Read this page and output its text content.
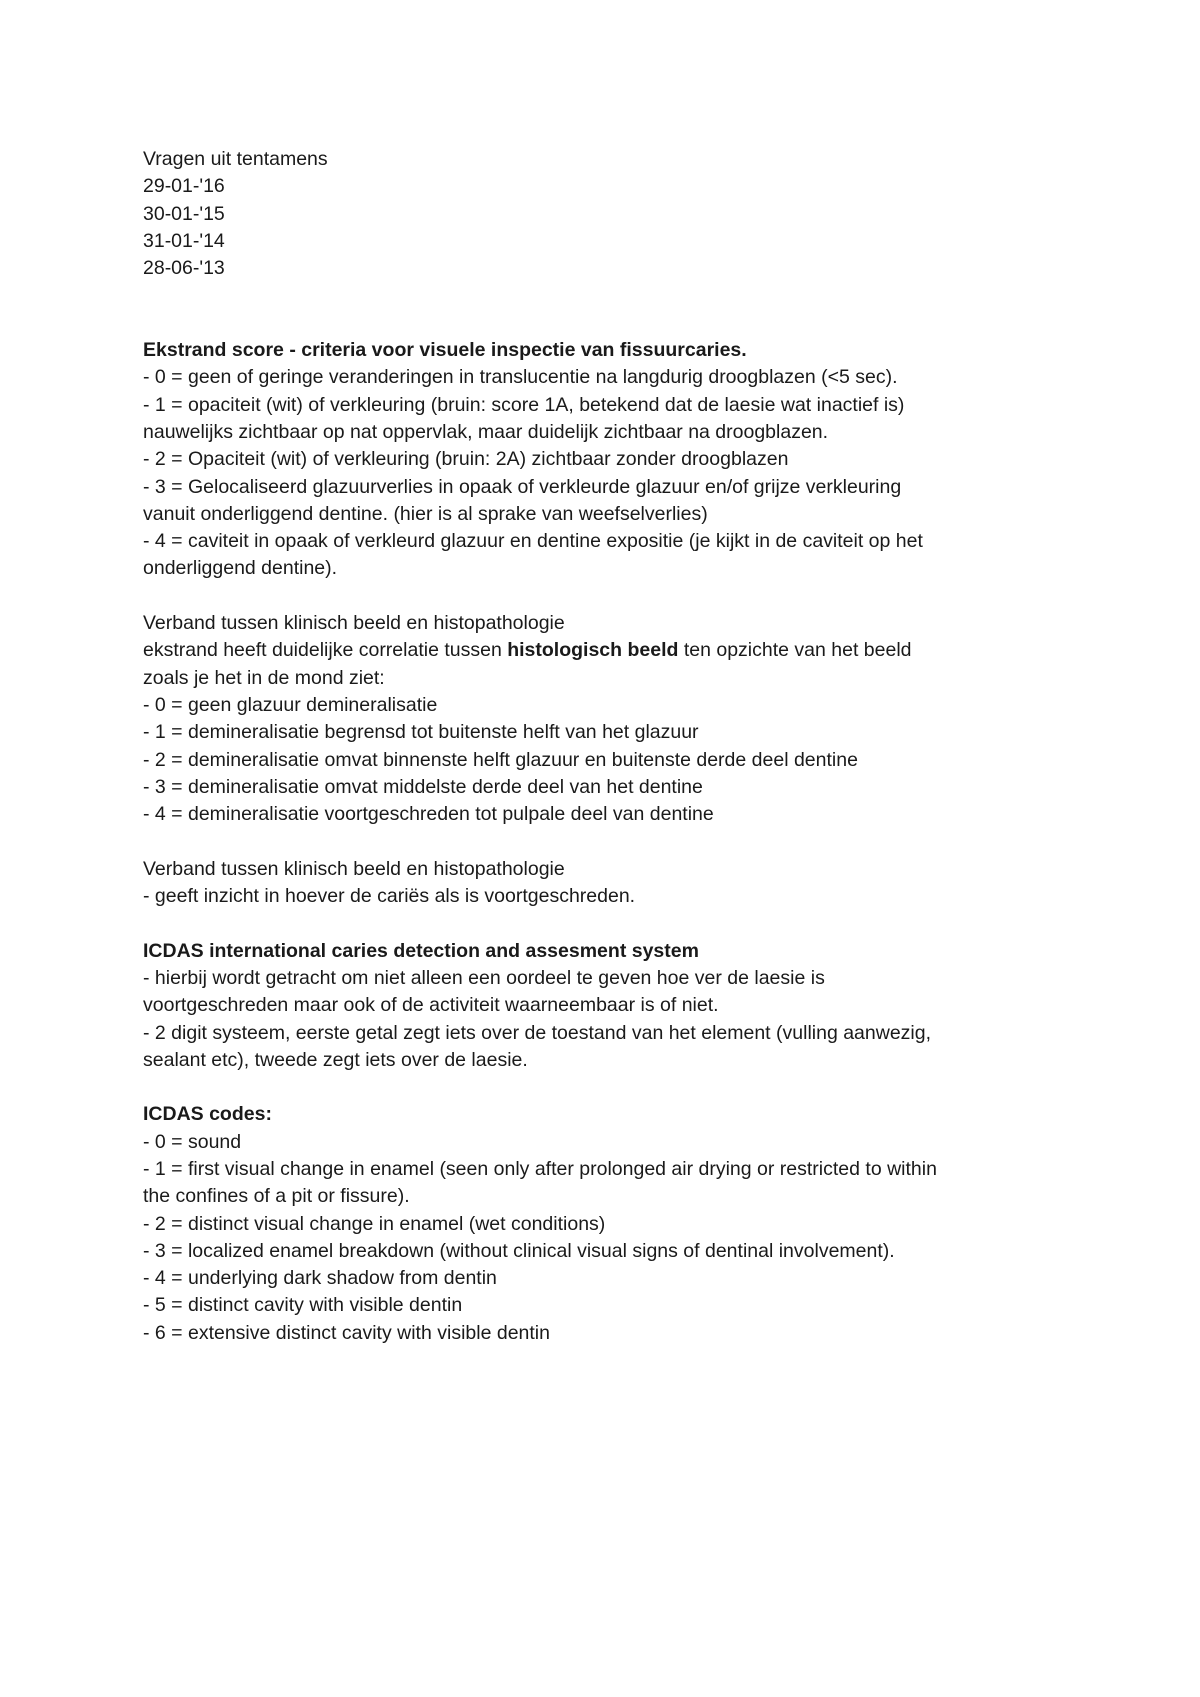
Vragen uit tentamens

29-01-'16

30-01-'15

31-01-'14

28-06-'13

Ekstrand score - criteria voor visuele inspectie van fissuurcaries.

- 0 = geen of geringe veranderingen in translucentie na langdurig droogblazen (<5 sec).

- 1 = opaciteit (wit) of verkleuring (bruin: score 1A, betekend dat de laesie wat inactief is)

nauwelijks zichtbaar op nat oppervlak, maar duidelijk zichtbaar na droogblazen.

- 2 = Opaciteit (wit) of verkleuring (bruin: 2A) zichtbaar zonder droogblazen

- 3 = Gelocaliseerd glazuurverlies in opaak of verkleurde glazuur en/of grijze verkleuring

vanuit onderliggend dentine. (hier is al sprake van weefselverlies)

- 4 = caviteit in opaak of verkleurd glazuur en dentine expositie (je kijkt in de caviteit op het

onderliggend dentine).

Verband tussen klinisch beeld en histopathologie

ekstrand heeft duidelijke correlatie tussen histologisch beeld ten opzichte van het beeld

zoals je het in de mond ziet:

- 0 = geen glazuur demineralisatie

- 1 = demineralisatie begrensd tot buitenste helft van het glazuur

- 2 = demineralisatie omvat binnenste helft glazuur en buitenste derde deel dentine

- 3 = demineralisatie omvat middelste derde deel van het dentine

- 4 = demineralisatie voortgeschreden tot pulpale deel van dentine

Verband tussen klinisch beeld en histopathologie

- geeft inzicht in hoever de cariës als is voortgeschreden.

ICDAS international caries detection and assesment system

- hierbij wordt getracht om niet alleen een oordeel te geven hoe ver de laesie is

voortgeschreden maar ook of de activiteit waarneembaar is of niet.

- 2 digit systeem, eerste getal zegt iets over de toestand van het element (vulling aanwezig,

sealant etc), tweede zegt iets over de laesie.

ICDAS codes:

- 0 = sound

- 1 = first visual change in enamel (seen only after prolonged air drying or restricted to within

the confines of a pit or fissure).

- 2 = distinct visual change in enamel (wet conditions)

- 3 = localized enamel breakdown (without clinical visual signs of dentinal involvement).

- 4 = underlying dark shadow from dentin

- 5 = distinct cavity with visible dentin

- 6 = extensive distinct cavity with visible dentin
